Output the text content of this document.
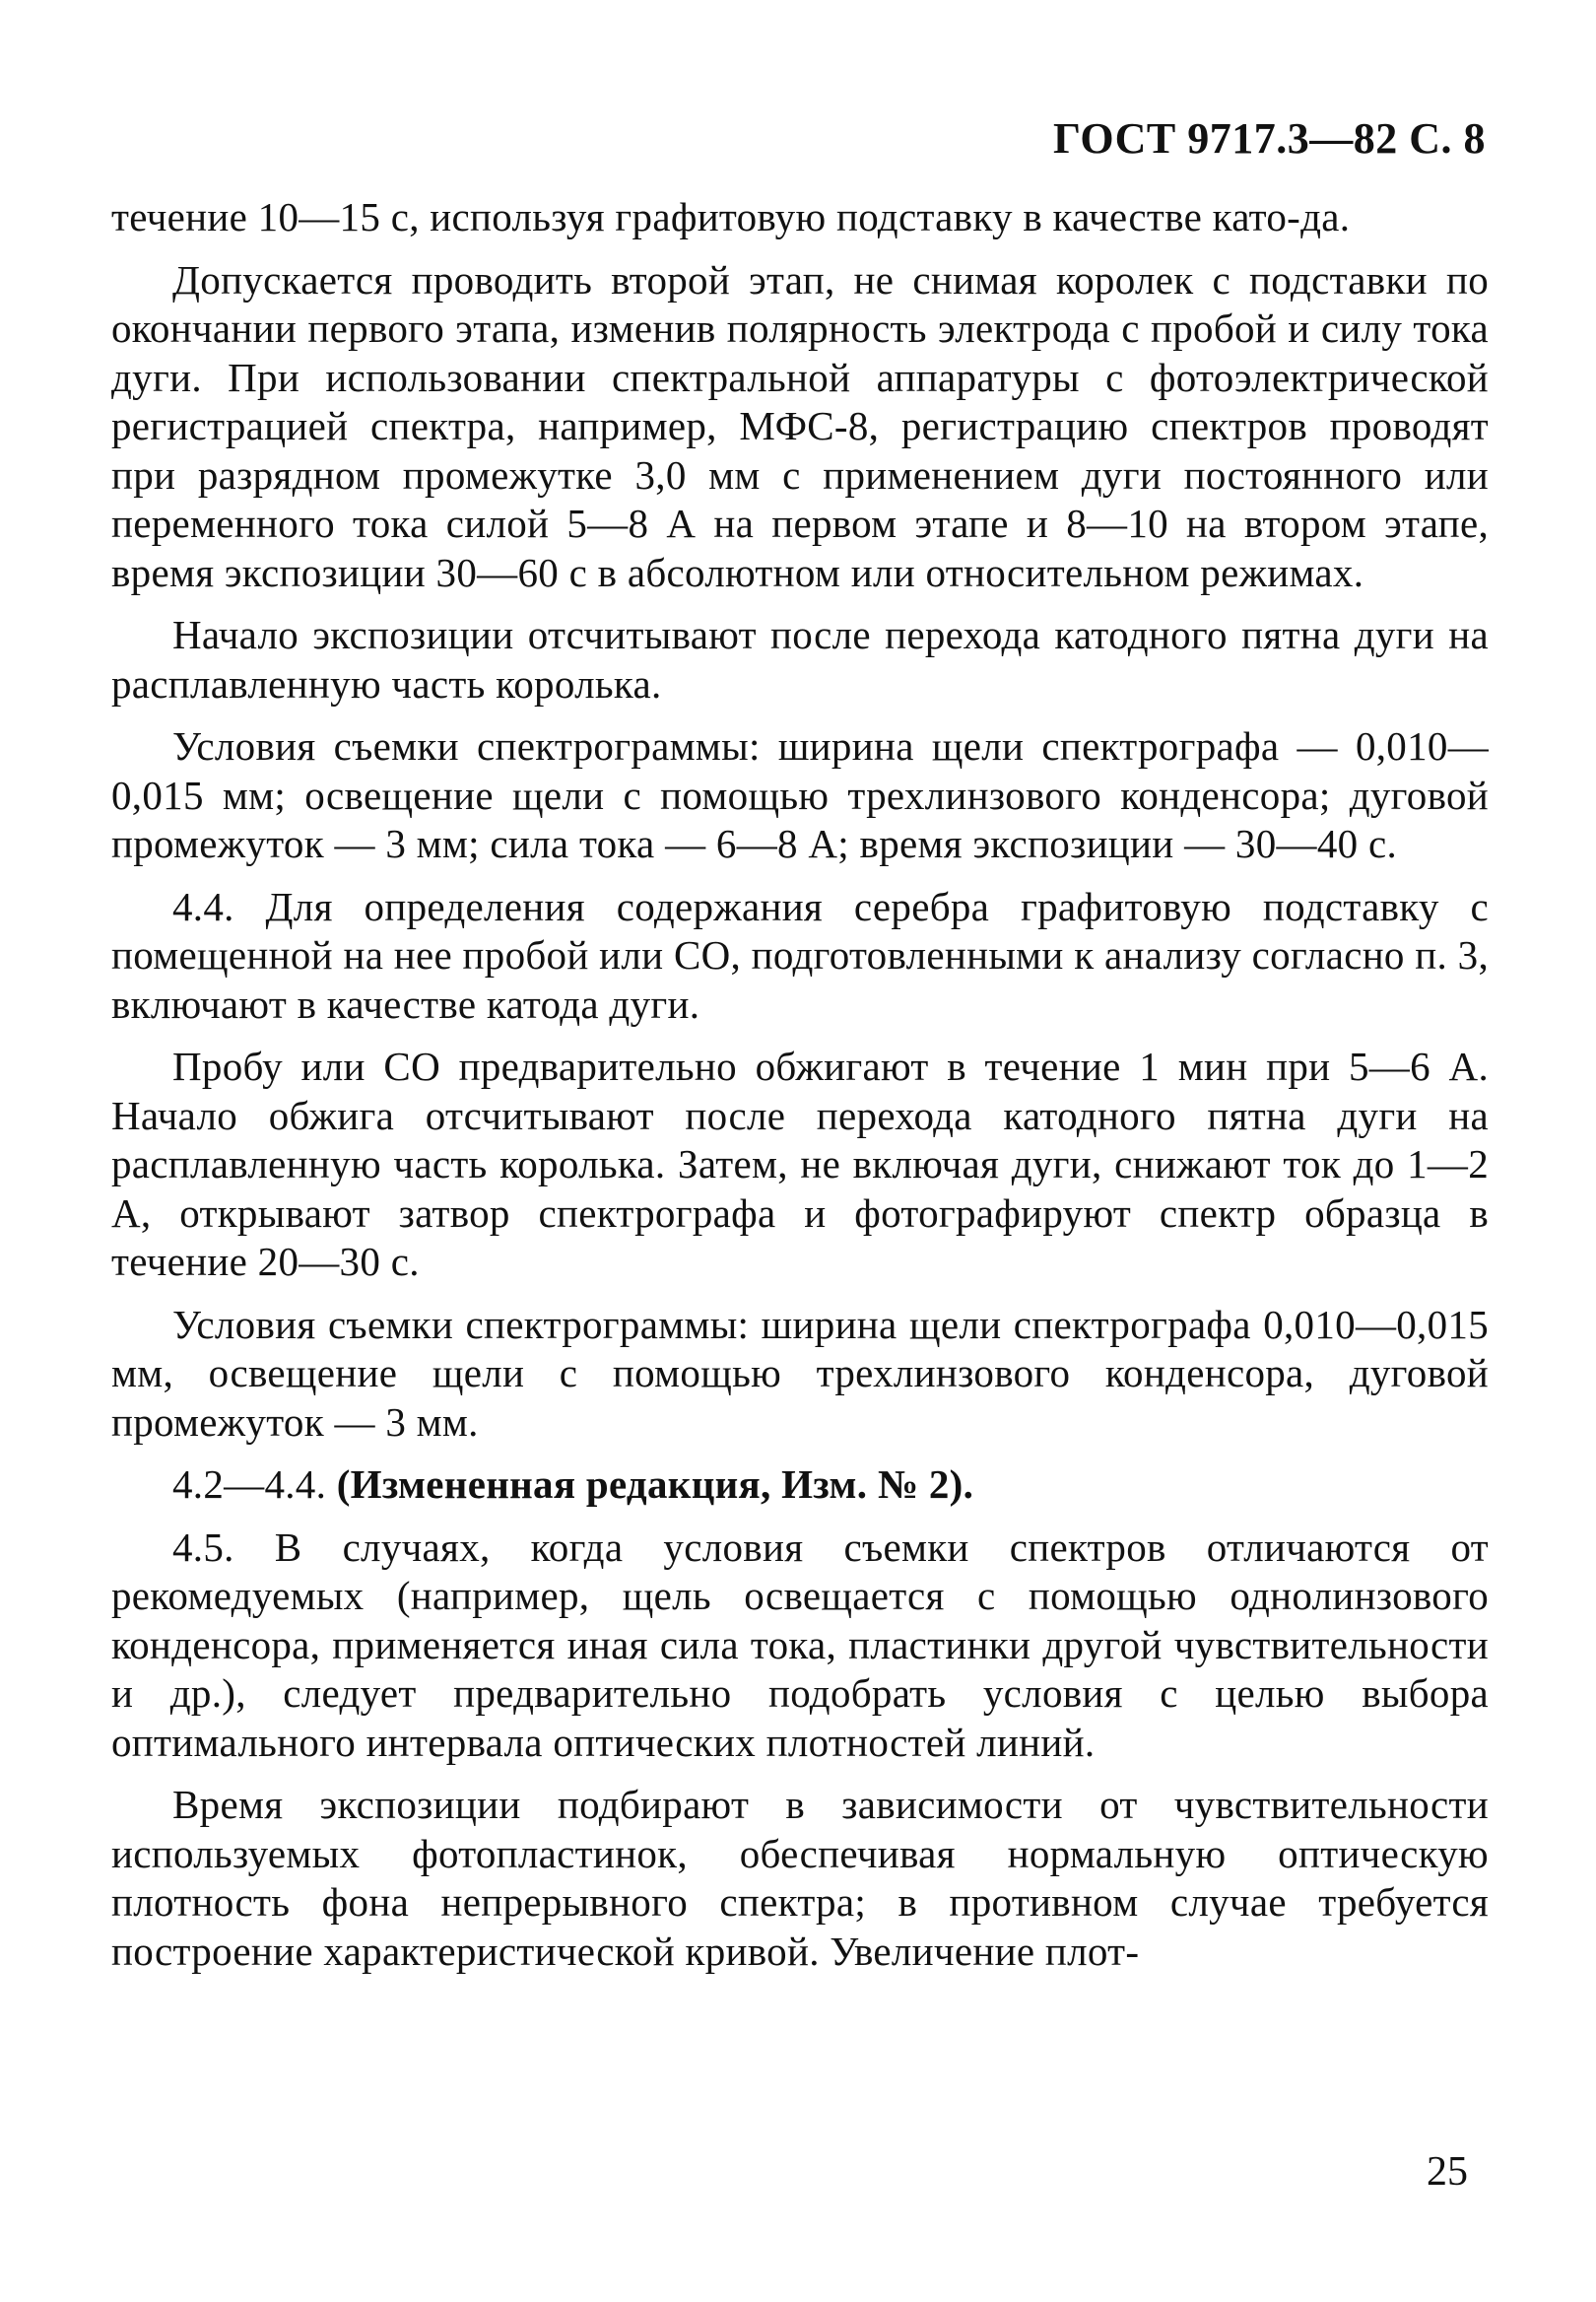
ГОСТ 9717.3—82 С. 8

течение 10—15 с, используя графитовую подставку в качестве като-да.

Допускается проводить второй этап, не снимая королек с подставки по окончании первого этапа, изменив полярность электрода с пробой и силу тока дуги. При использовании спектральной аппаратуры с фотоэлектрической регистрацией спектра, например, МФС-8, регистрацию спектров проводят при разрядном промежутке 3,0 мм с применением дуги постоянного или переменного тока силой 5—8 А на первом этапе и 8—10 на втором этапе, время экспозиции 30—60 с в абсолютном или относительном режимах.

Начало экспозиции отсчитывают после перехода катодного пятна дуги на расплавленную часть королька.

Условия съемки спектрограммы: ширина щели спектрографа — 0,010—0,015 мм; освещение щели с помощью трехлинзового конденсора; дуговой промежуток — 3 мм; сила тока — 6—8 А; время экспозиции — 30—40 с.

4.4. Для определения содержания серебра графитовую подставку с помещенной на нее пробой или СО, подготовленными к анализу согласно п. 3, включают в качестве катода дуги.

Пробу или СО предварительно обжигают в течение 1 мин при 5—6 А. Начало обжига отсчитывают после перехода катодного пятна дуги на расплавленную часть королька. Затем, не включая дуги, снижают ток до 1—2 А, открывают затвор спектрографа и фотографируют спектр образца в течение 20—30 с.

Условия съемки спектрограммы: ширина щели спектрографа 0,010—0,015 мм, освещение щели с помощью трехлинзового конденсора, дуговой промежуток — 3 мм.

4.2—4.4. (Измененная редакция, Изм. № 2).

4.5. В случаях, когда условия съемки спектров отличаются от рекомедуемых (например, щель освещается с помощью однолинзового конденсора, применяется иная сила тока, пластинки другой чувствительности и др.), следует предварительно подобрать условия с целью выбора оптимального интервала оптических плотностей линий.

Время экспозиции подбирают в зависимости от чувствительности используемых фотопластинок, обеспечивая нормальную оптическую плотность фона непрерывного спектра; в противном случае требуется построение характеристической кривой. Увеличение плот-

25
